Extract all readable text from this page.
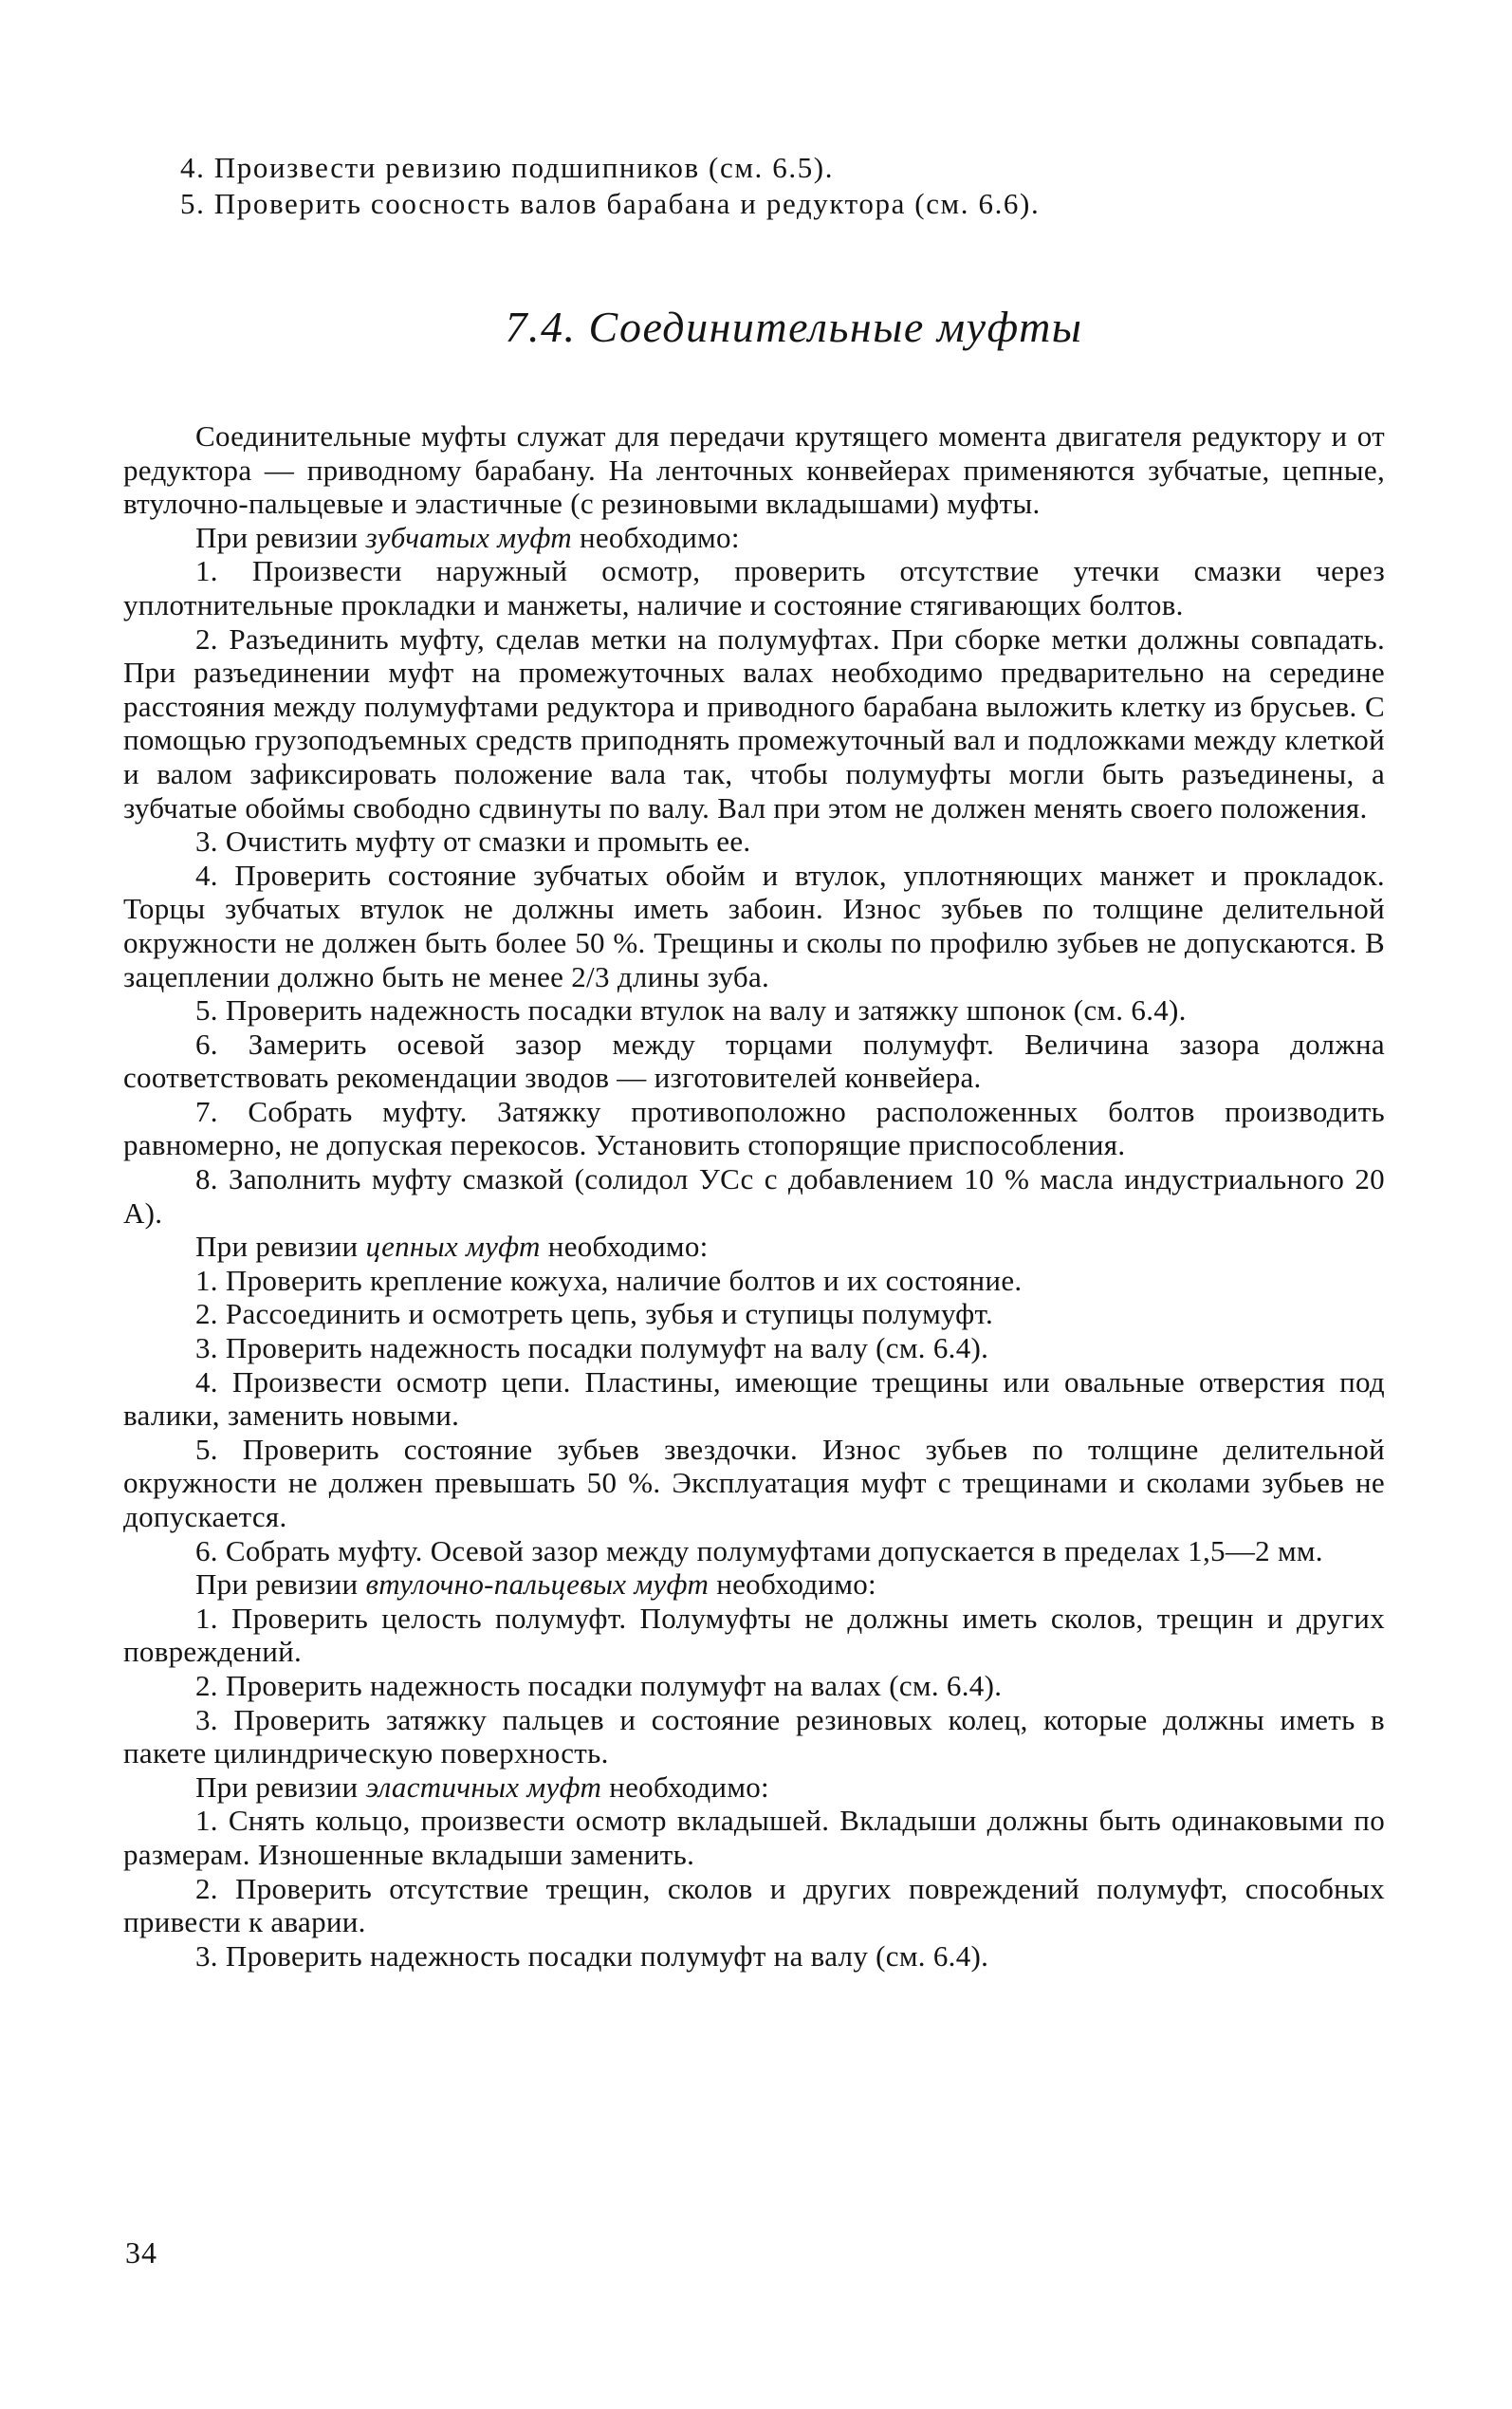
4. Произвести ревизию подшипников (см. 6.5).
5. Проверить соосность валов барабана и редуктора (см. 6.6).
7.4. Соединительные муфты
Соединительные муфты служат для передачи крутящего момента двигателя редуктору и от редуктора — приводному барабану. На ленточных конвейерах применяются зубчатые, цепные, втулочно-пальцевые и эластичные (с резиновыми вкладышами) муфты.
При ревизии зубчатых муфт необходимо:
1. Произвести наружный осмотр, проверить отсутствие утечки смазки через уплотнительные прокладки и манжеты, наличие и состояние стягивающих болтов.
2. Разъединить муфту, сделав метки на полумуфтах. При сборке метки должны совпадать. При разъединении муфт на промежуточных валах необходимо предварительно на середине расстояния между полумуфтами редуктора и приводного барабана выложить клетку из брусьев. С помощью грузоподъемных средств приподнять промежуточный вал и подложками между клеткой и валом зафиксировать положение вала так, чтобы полумуфты могли быть разъединены, а зубчатые обоймы свободно сдвинуты по валу. Вал при этом не должен менять своего положения.
3. Очистить муфту от смазки и промыть ее.
4. Проверить состояние зубчатых обойм и втулок, уплотняющих манжет и прокладок. Торцы зубчатых втулок не должны иметь забоин. Износ зубьев по толщине делительной окружности не должен быть более 50 %. Трещины и сколы по профилю зубьев не допускаются. В зацеплении должно быть не менее 2/3 длины зуба.
5. Проверить надежность посадки втулок на валу и затяжку шпонок (см. 6.4).
6. Замерить осевой зазор между торцами полумуфт. Величина зазора должна соответствовать рекомендации зводов — изготовителей конвейера.
7. Собрать муфту. Затяжку противоположно расположенных болтов производить равномерно, не допуская перекосов. Установить стопорящие приспособления.
8. Заполнить муфту смазкой (солидол УСс с добавлением 10 % масла индустриального 20 А).
При ревизии цепных муфт необходимо:
1. Проверить крепление кожуха, наличие болтов и их состояние.
2. Рассоединить и осмотреть цепь, зубья и ступицы полумуфт.
3. Проверить надежность посадки полумуфт на валу (см. 6.4).
4. Произвести осмотр цепи. Пластины, имеющие трещины или овальные отверстия под валики, заменить новыми.
5. Проверить состояние зубьев звездочки. Износ зубьев по толщине делительной окружности не должен превышать 50 %. Эксплуатация муфт с трещинами и сколами зубьев не допускается.
6. Собрать муфту. Осевой зазор между полумуфтами допускается в пределах 1,5—2 мм.
При ревизии втулочно-пальцевых муфт необходимо:
1. Проверить целость полумуфт. Полумуфты не должны иметь сколов, трещин и других повреждений.
2. Проверить надежность посадки полумуфт на валах (см. 6.4).
3. Проверить затяжку пальцев и состояние резиновых колец, которые должны иметь в пакете цилиндрическую поверхность.
При ревизии эластичных муфт необходимо:
1. Снять кольцо, произвести осмотр вкладышей. Вкладыши должны быть одинаковыми по размерам. Изношенные вкладыши заменить.
2. Проверить отсутствие трещин, сколов и других повреждений полумуфт, способных привести к аварии.
3. Проверить надежность посадки полумуфт на валу (см. 6.4).
34
